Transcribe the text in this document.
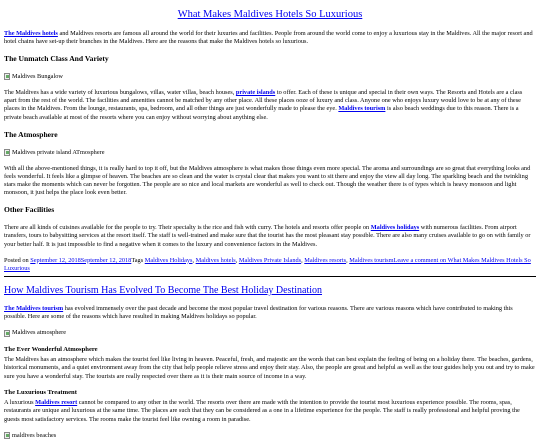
What Makes Maldives Hotels So Luxurious

The Maldives hotels and Maldives resorts are famous all around the world for their luxuries and facilities. People from around the world come to enjoy a luxurious stay in the Maldives. All the major resort and hotel chains have set-up their branches in the Maldives. Here are the reasons that make the Maldives hotels so luxurious.

The Unmatch Class And Variety
Maldives Bungalow

The Maldives has a wide variety of luxurious bungalows, villas, water villas, beach houses, private islands to offer. Each of these is unique and special in their own ways. The Resorts and Hotels are a class apart from the rest of the world. The facilities and amenities cannot be matched by any other place. All these places ooze of luxury and class. Anyone one who enjoys luxury would love to be at any of these places in the Maldives. From the lounge, restaurants, spa, bedroom, and all other things are just wonderfully made to please the eye. Maldives tourism is also beach weddings due to this reason. There is a private beach available at most of the resorts where you can enjoy without worrying about anything else.

The Atmosphere
Maldives private island ATmosphere

With all the above-mentioned things, it is really hard to top it off, but the Maldives atmosphere is what makes those things even more special. The aroma and surroundings are so great that everything looks and feels wonderful. It feels like a glimpse of heaven. The beaches are so clean and the water is crystal clear that makes you want to sit there and enjoy the view all day long. The sparkling beach and the twinkling stars make the moments which can never be forgotten. The people are so nice and local markets are wonderful as well to check out. Though the weather there is of types which is heavy monsoon and light monsoon, it just helps the place look even better.

Other Facilities

There are all kinds of cuisines available for the people to try. Their specialty is the rice and fish with curry. The hotels and resorts offer people on Maldives holidays with numerous facilities. From airport transfers, tours to babysitting services at the resort itself. The staff is well-trained and make sure that the tourist has the most pleasant stay possible. There are also many cruises available to go on with family or your better half. It is just impossible to find a negative when it comes to the luxury and convenience factors in the Maldives.

Posted on September 12, 2018September 12, 2018Tags Maldives Holidays, Maldives hotels, Maldives Private Islands, Maldives resorts, Maldives tourismLeave a comment on What Makes Maldives Hotels So Luxurious
How Maldives Tourism Has Evolved To Become The Best Holiday Destination

The Maldives tourism has evolved immensely over the past decade and become the most popular travel destination for various reasons. There are various reasons which have contributed to making this possible. Here are some of the reasons which have resulted in making Maldives holidays so popular.

Maldives atmosphere
The Ever Wonderful Atmosphere

The Maldives has an atmosphere which makes the tourist feel like living in heaven. Peaceful, fresh, and majestic are the words that can best explain the feeling of being on a holiday there. The beaches, gardens, historical monuments, and a quiet environment away from the city that help people relieve stress and enjoy their stay. Also, the people are great and helpful as well as the tour guides help you out and try to make sure you have a wonderful stay. The tourists are really respected over there as it is their main source of income in a way.

The Luxurious Treatment

A luxurious Maldives resort cannot be compared to any other in the world. The resorts over there are made with the intention to provide the tourist most luxurious experience possible. The rooms, spas, restaurants are unique and luxurious at the same time. The places are such that they can be considered as a one in a lifetime experience for the people. The staff is really professional and helpful proving the guests most satisfactory services. The rooms make the tourist feel like owning a room in paradise.

maldives beaches
